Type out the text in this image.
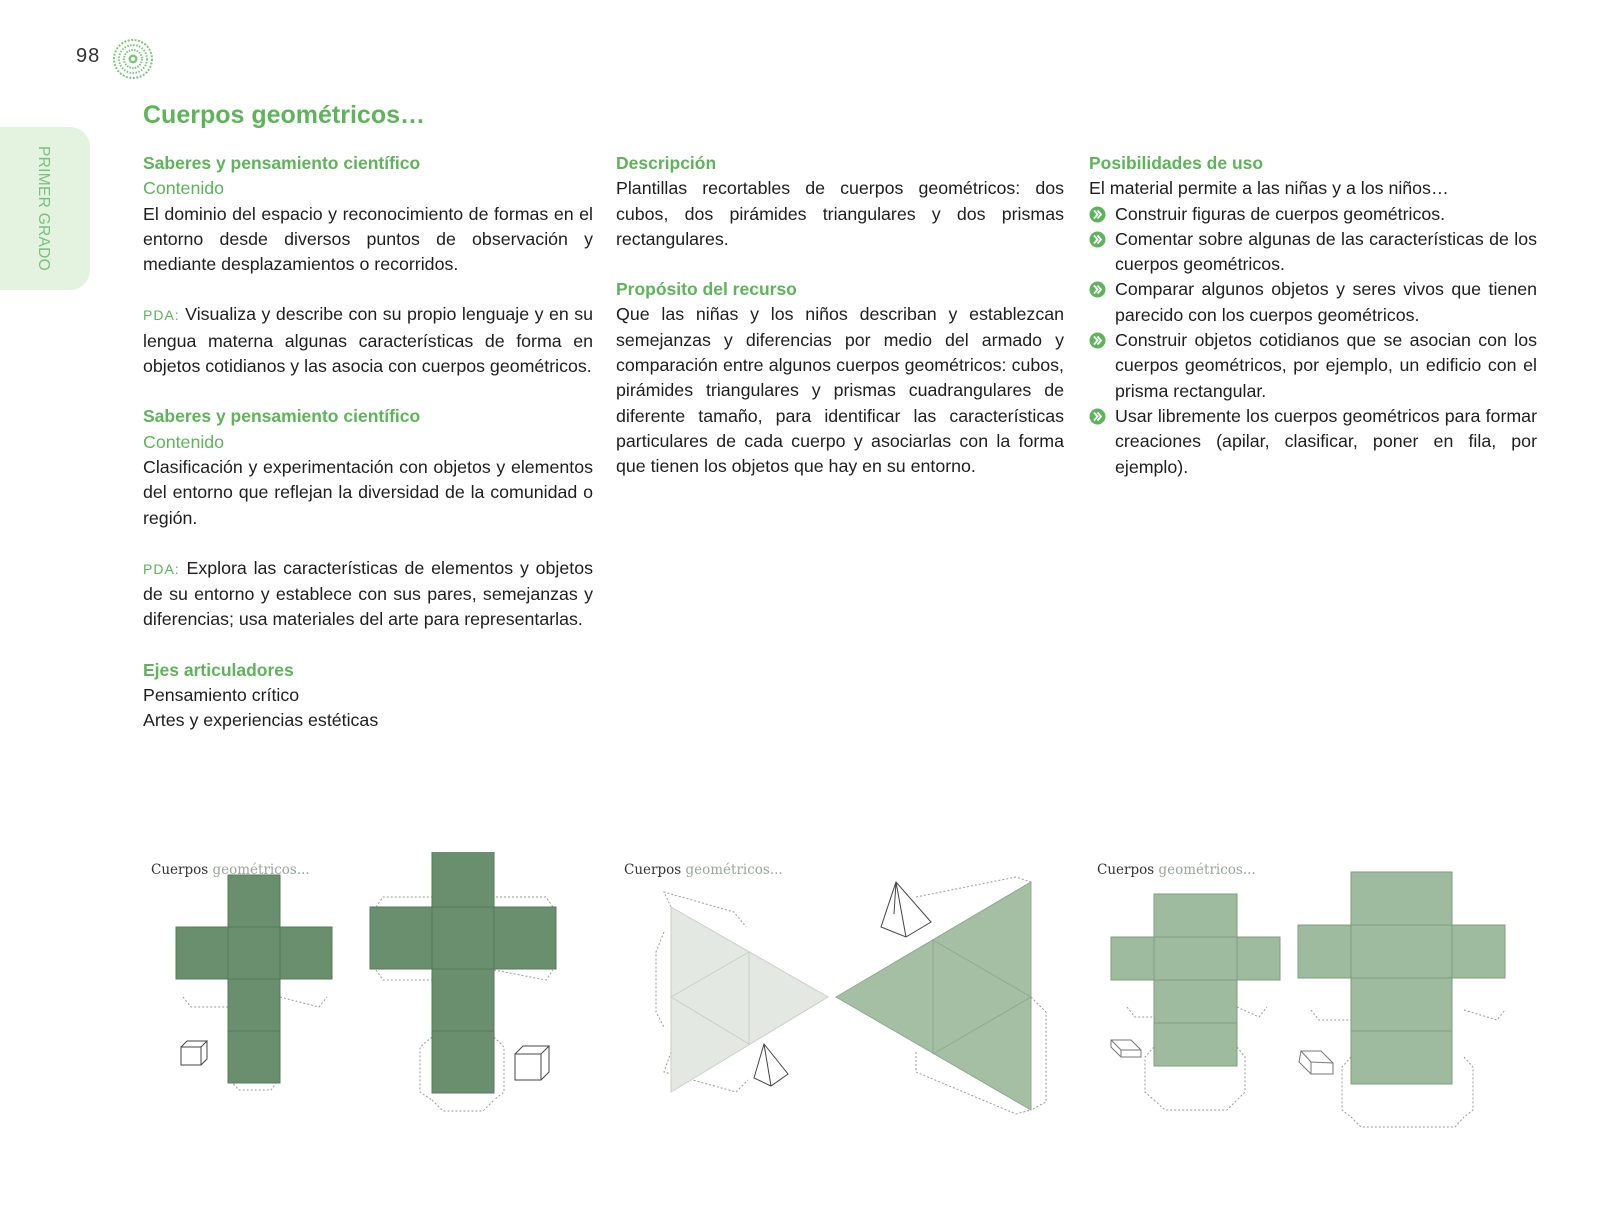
98
PRIMER GRADO
Cuerpos geométricos…
Saberes y pensamiento científico
Contenido

El dominio del espacio y reconocimiento de formas en el entorno desde diversos puntos de observación y mediante desplazamientos o recorridos.

PDA: Visualiza y describe con su propio lenguaje y en su lengua materna algunas características de forma en objetos cotidianos y las asocia con cuerpos geométricos.

Saberes y pensamiento científico
Contenido

Clasificación y experimentación con objetos y elementos del entorno que reflejan la diversidad de la comunidad o región.

PDA: Explora las características de elementos y objetos de su entorno y establece con sus pares, semejanzas y diferencias; usa materiales del arte para representarlas.

Ejes articuladores
Pensamiento crítico
Artes y experiencias estéticas
Descripción

Plantillas recortables de cuerpos geométricos: dos cubos, dos pirámides triangulares y dos prismas rectangulares.

Propósito del recurso

Que las niñas y los niños describan y establezcan semejanzas y diferencias por medio del armado y comparación entre algunos cuerpos geométricos: cubos, pirámides triangulares y prismas cuadrangulares de diferente tamaño, para identificar las características particulares de cada cuerpo y asociarlas con la forma que tienen los objetos que hay en su entorno.

Posibilidades de uso
El material permite a las niñas y a los niños…
Construir figuras de cuerpos geométricos.
Comentar sobre algunas de las características de los cuerpos geométricos.
Comparar algunos objetos y seres vivos que tienen parecido con los cuerpos geométricos.
Construir objetos cotidianos que se asocian con los cuerpos geométricos, por ejemplo, un edificio con el prisma rectangular.
Usar libremente los cuerpos geométricos para formar creaciones (apilar, clasificar, poner en fila, por ejemplo).
Cuerpos geométricos...	Cuerpos geométricos...	Cuerpos geométricos...
